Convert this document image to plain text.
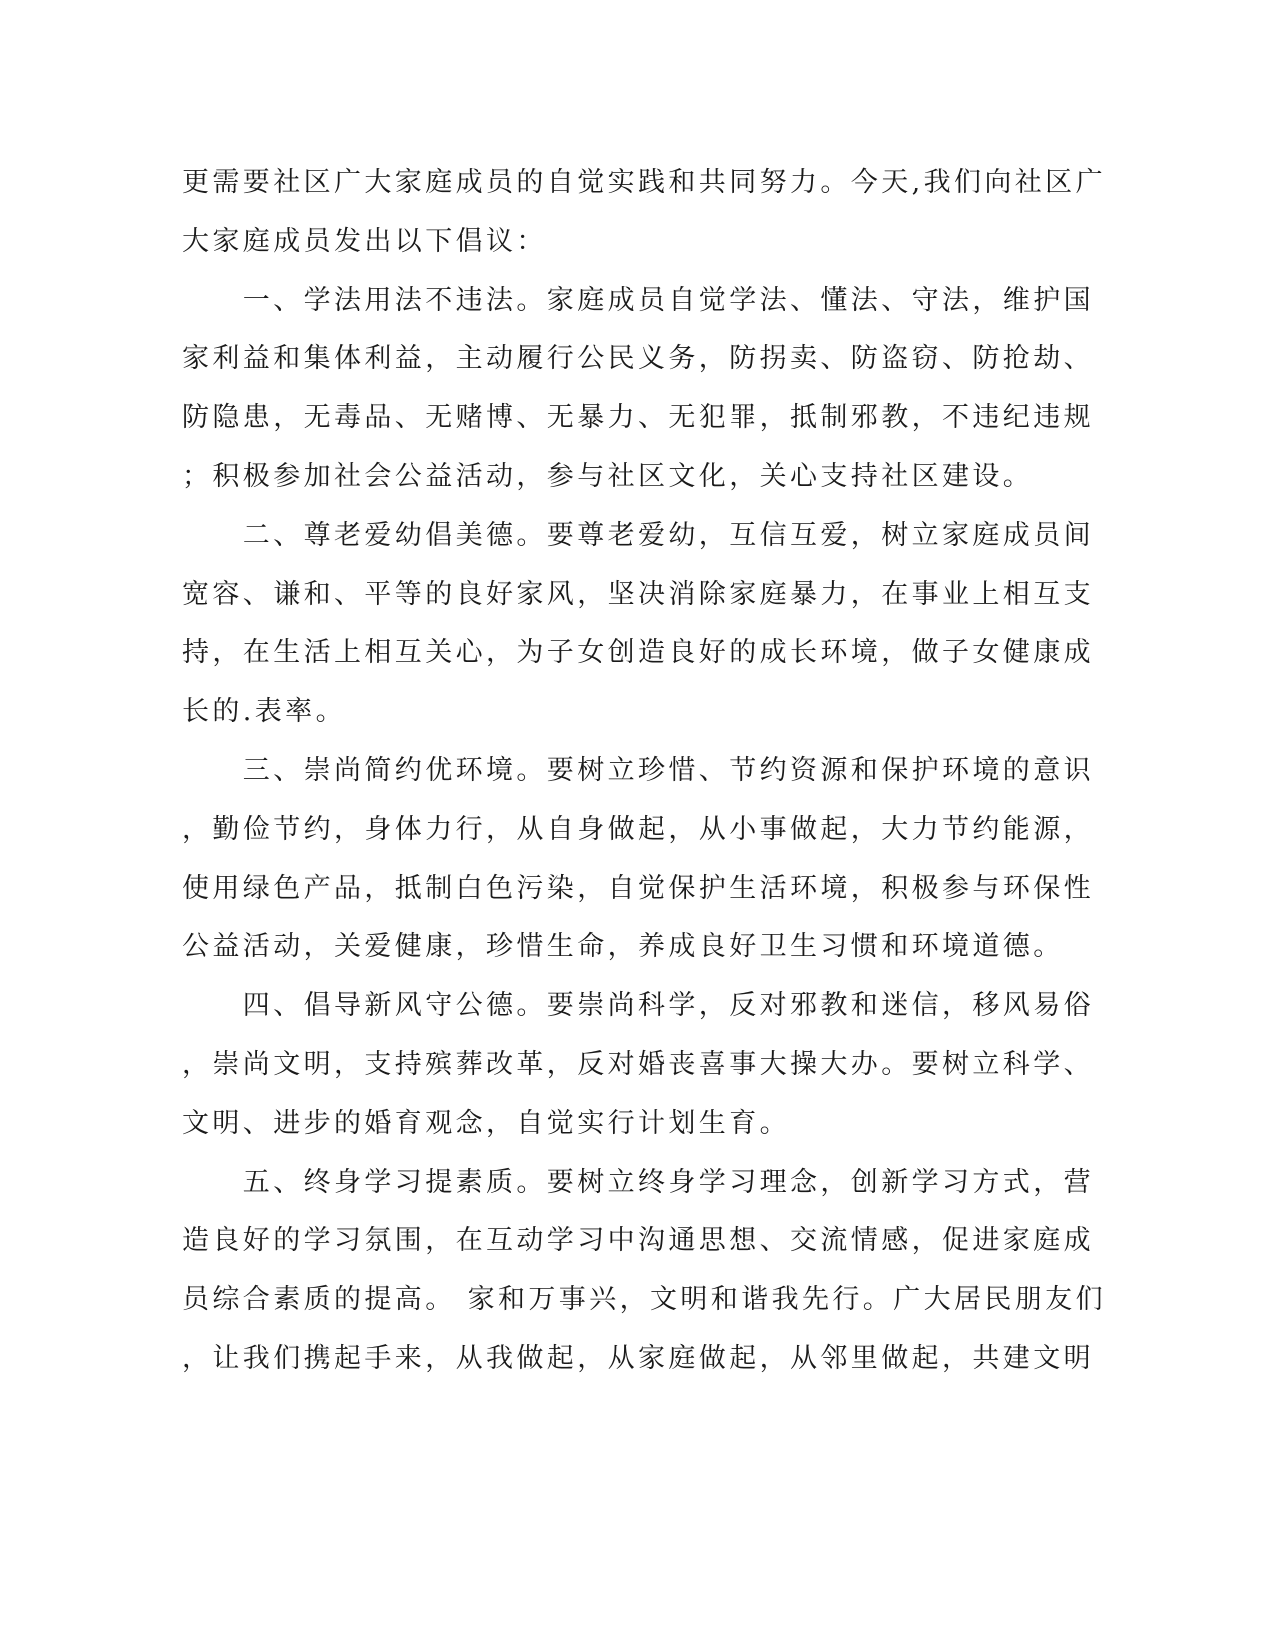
更需要社区广大家庭成员的自觉实践和共同努力。今天,我们向社区广
大家庭成员发出以下倡议：
　　一、学法用法不违法。家庭成员自觉学法、懂法、守法，维护国
家利益和集体利益，主动履行公民义务，防拐卖、防盗窃、防抢劫、
防隐患，无毒品、无赌博、无暴力、无犯罪，抵制邪教，不违纪违规
；积极参加社会公益活动，参与社区文化，关心支持社区建设。
　　二、尊老爱幼倡美德。要尊老爱幼，互信互爱，树立家庭成员间
宽容、谦和、平等的良好家风，坚决消除家庭暴力，在事业上相互支
持，在生活上相互关心，为子女创造良好的成长环境，做子女健康成
长的.表率。
　　三、崇尚简约优环境。要树立珍惜、节约资源和保护环境的意识
，勤俭节约，身体力行，从自身做起，从小事做起，大力节约能源，
使用绿色产品，抵制白色污染，自觉保护生活环境，积极参与环保性
公益活动，关爱健康，珍惜生命，养成良好卫生习惯和环境道德。
　　四、倡导新风守公德。要崇尚科学，反对邪教和迷信，移风易俗
，崇尚文明，支持殡葬改革，反对婚丧喜事大操大办。要树立科学、
文明、进步的婚育观念，自觉实行计划生育。
　　五、终身学习提素质。要树立终身学习理念，创新学习方式，营
造良好的学习氛围，在互动学习中沟通思想、交流情感，促进家庭成
员综合素质的提高。 家和万事兴，文明和谐我先行。广大居民朋友们
，让我们携起手来，从我做起，从家庭做起，从邻里做起，共建文明
